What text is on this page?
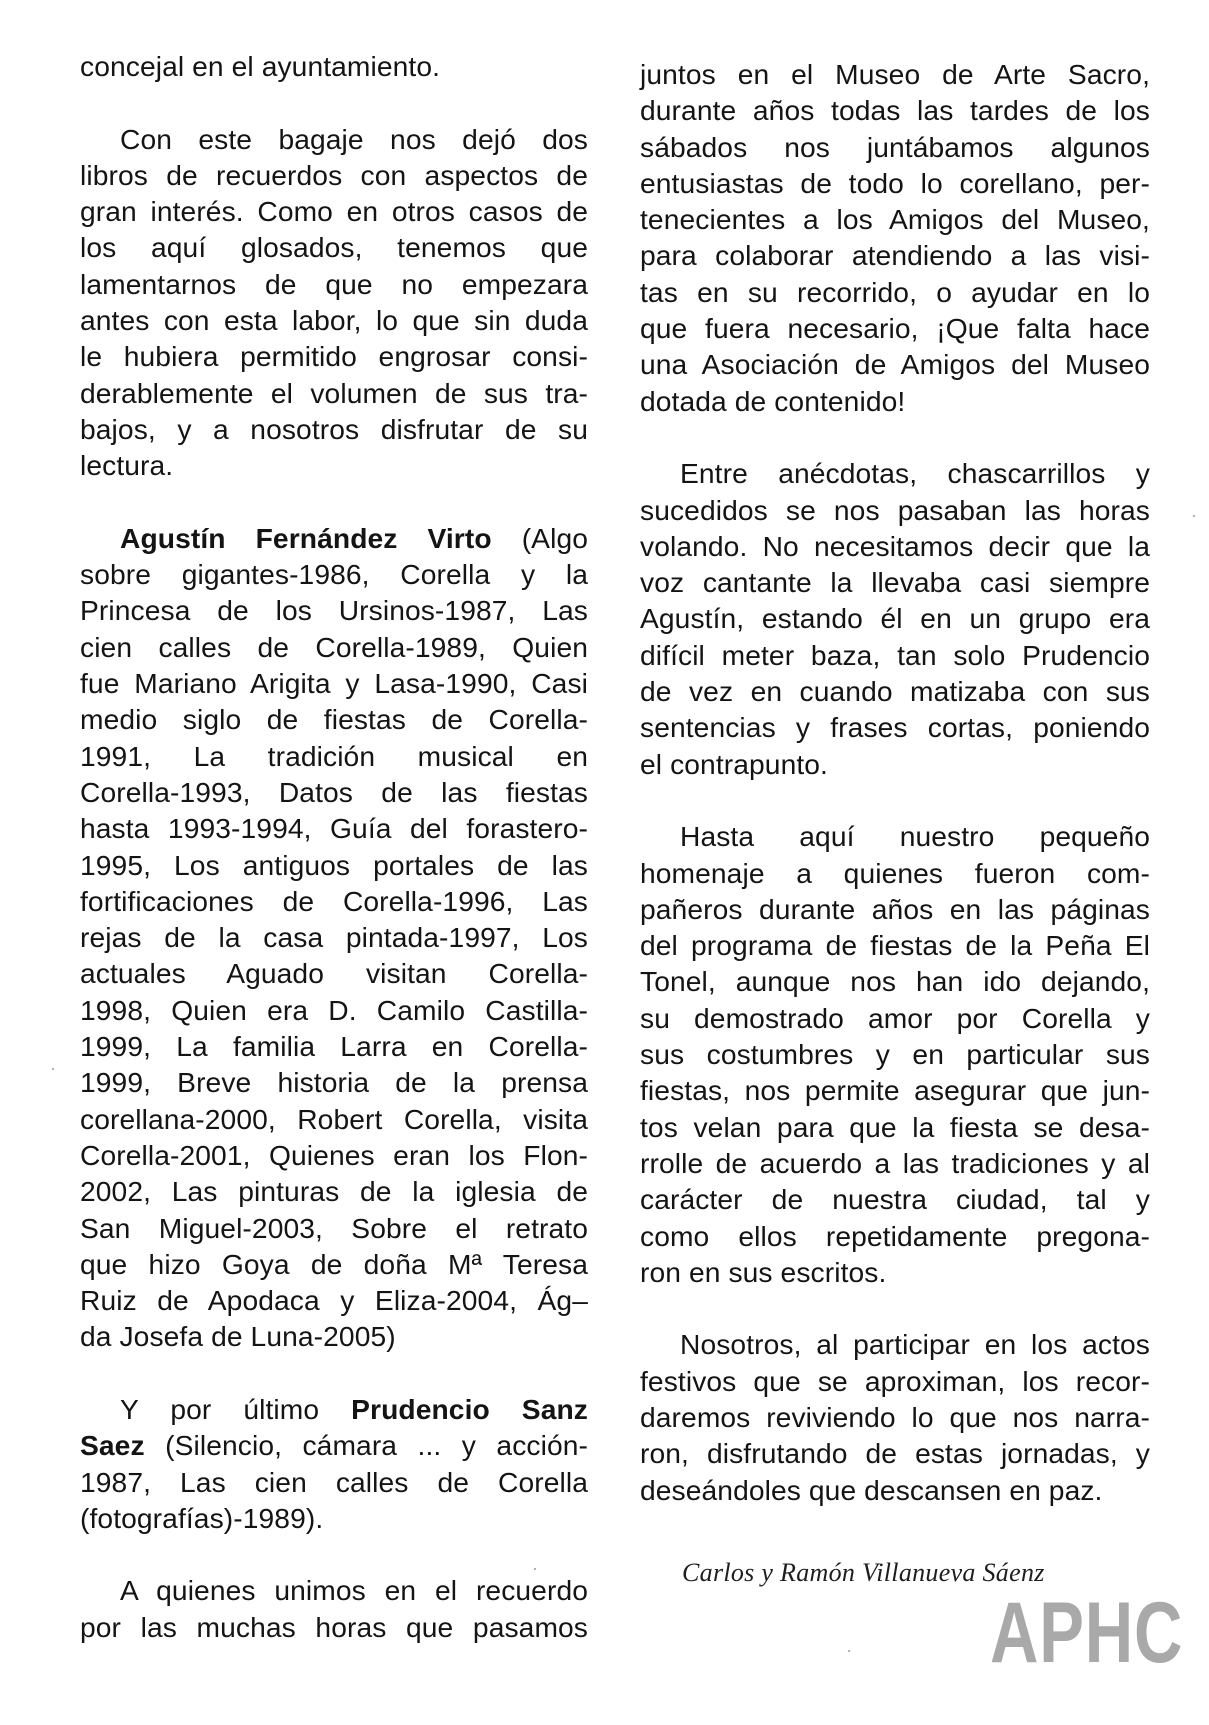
concejal en el ayuntamiento.
Con este bagaje nos dejó dos
libros de recuerdos con aspectos de
gran interés. Como en otros casos de
los aquí glosados, tenemos que
lamentarnos de que no empezara
antes con esta labor, lo que sin duda
le hubiera permitido engrosar consi-
derablemente el volumen de sus tra-
bajos, y a nosotros disfrutar de su
lectura.
Agustín Fernández Virto (Algo
sobre gigantes-1986, Corella y la
Princesa de los Ursinos-1987, Las
cien calles de Corella-1989, Quien
fue Mariano Arigita y Lasa-1990, Casi
medio siglo de fiestas de Corella-
1991, La tradición musical en
Corella-1993, Datos de las fiestas
hasta 1993-1994, Guía del forastero-
1995, Los antiguos portales de las
fortificaciones de Corella-1996, Las
rejas de la casa pintada-1997, Los
actuales Aguado visitan Corella-
1998, Quien era D. Camilo Castilla-
1999, La familia Larra en Corella-
1999, Breve historia de la prensa
corellana-2000, Robert Corella, visita
Corella-2001, Quienes eran los Flon-
2002, Las pinturas de la iglesia de
San Miguel-2003, Sobre el retrato
que hizo Goya de doña Mª Teresa
Ruiz de Apodaca y Eliza-2004, Ág–
da Josefa de Luna-2005)
Y por último Prudencio Sanz
Saez (Silencio, cámara ... y acción-
1987, Las cien calles de Corella
(fotografías)-1989).
A quienes unimos en el recuerdo
por las muchas horas que pasamos
juntos en el Museo de Arte Sacro,
durante años todas las tardes de los
sábados nos juntábamos algunos
entusiastas de todo lo corellano, per-
tenecientes a los Amigos del Museo,
para colaborar atendiendo a las visi-
tas en su recorrido, o ayudar en lo
que fuera necesario, ¡Que falta hace
una Asociación de Amigos del Museo
dotada de contenido!
Entre anécdotas, chascarrillos y
sucedidos se nos pasaban las horas
volando. No necesitamos decir que la
voz cantante la llevaba casi siempre
Agustín, estando él en un grupo era
difícil meter baza, tan solo Prudencio
de vez en cuando matizaba con sus
sentencias y frases cortas, poniendo
el contrapunto.
Hasta aquí nuestro pequeño
homenaje a quienes fueron com-
pañeros durante años en las páginas
del programa de fiestas de la Peña El
Tonel, aunque nos han ido dejando,
su demostrado amor por Corella y
sus costumbres y en particular sus
fiestas, nos permite asegurar que jun-
tos velan para que la fiesta se desa-
rrolle de acuerdo a las tradiciones y al
carácter de nuestra ciudad, tal y
como ellos repetidamente pregona-
ron en sus escritos.
Nosotros, al participar en los actos
festivos que se aproximan, los recor-
daremos reviviendo lo que nos narra-
ron, disfrutando de estas jornadas, y
deseándoles que descansen en paz.
Carlos y Ramón Villanueva Sáenz
APHC
